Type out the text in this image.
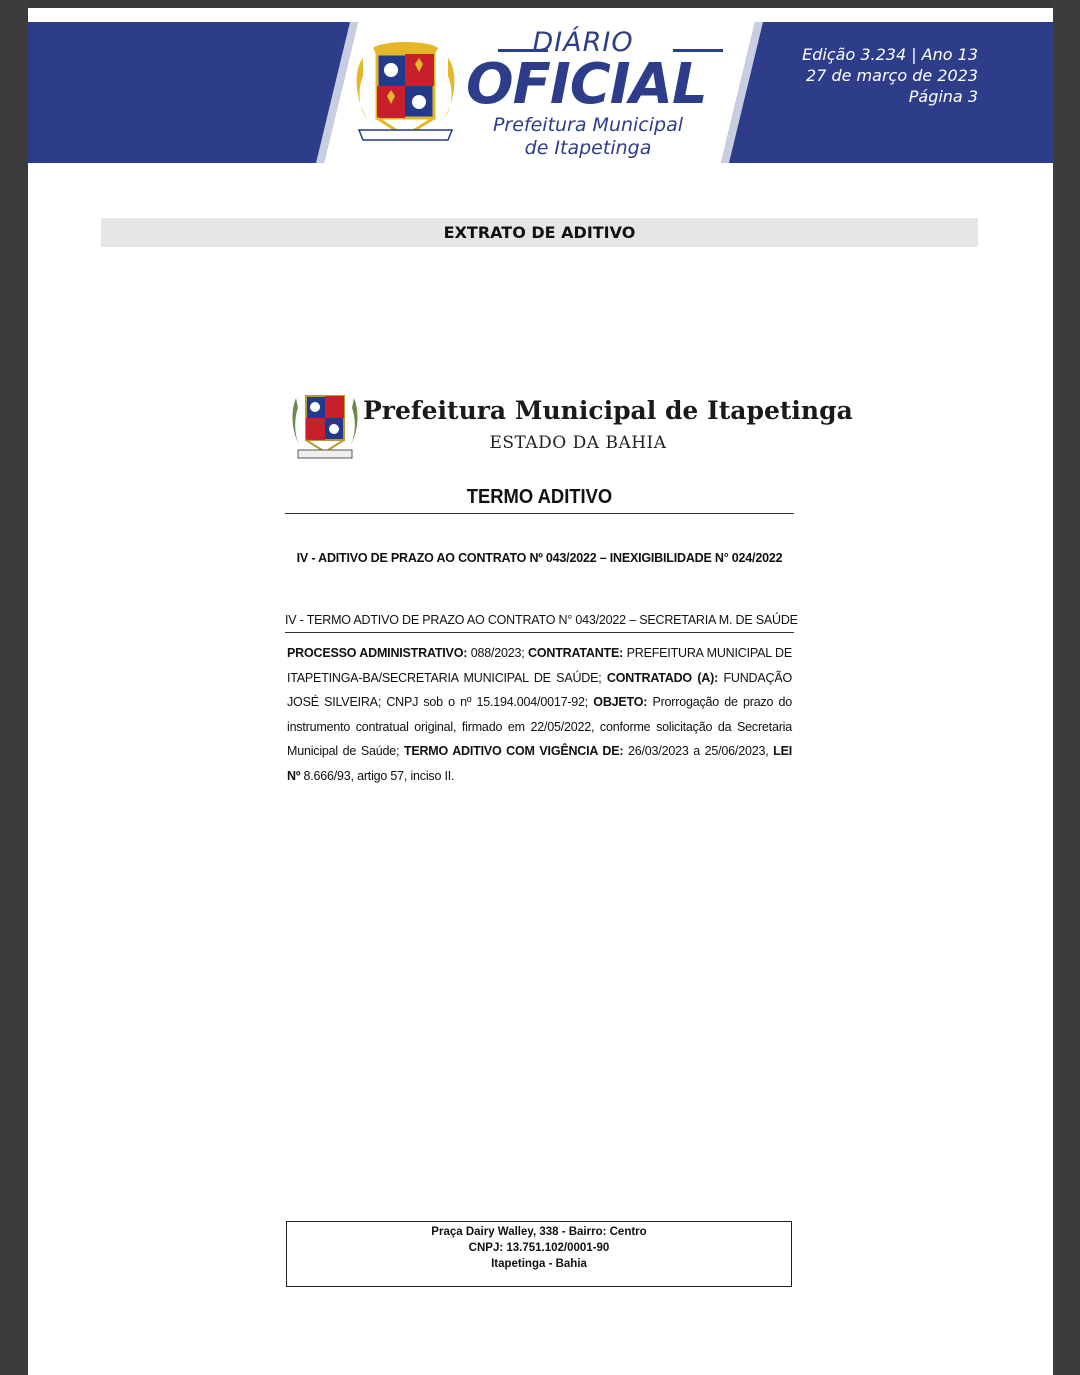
DIÁRIO
OFICIAL
Prefeitura Municipal
de Itapetinga
Edição 3.234 | Ano 13
27 de março de 2023
Página 3
EXTRATO DE ADITIVO
Prefeitura Municipal de Itapetinga
ESTADO DA BAHIA
TERMO ADITIVO
IV - ADITIVO DE PRAZO AO CONTRATO Nº 043/2022 – INEXIGIBILIDADE N° 024/2022
IV - TERMO ADTIVO DE PRAZO AO CONTRATO N° 043/2022 – SECRETARIA M. DE SAÚDE
PROCESSO ADMINISTRATIVO: 088/2023; CONTRATANTE: PREFEITURA MUNICIPAL DE ITAPETINGA-BA/SECRETARIA MUNICIPAL DE SAÚDE; CONTRATADO (A): FUNDAÇÃO JOSÉ SILVEIRA; CNPJ sob o nº 15.194.004/0017-92; OBJETO: Prorrogação de prazo do instrumento contratual original, firmado em 22/05/2022, conforme solicitação da Secretaria Municipal de Saúde; TERMO ADITIVO COM VIGÊNCIA DE: 26/03/2023 a 25/06/2023, LEI Nº 8.666/93, artigo 57, inciso II.
Praça Dairy Walley, 338 - Bairro: Centro
CNPJ: 13.751.102/0001-90
Itapetinga - Bahia
